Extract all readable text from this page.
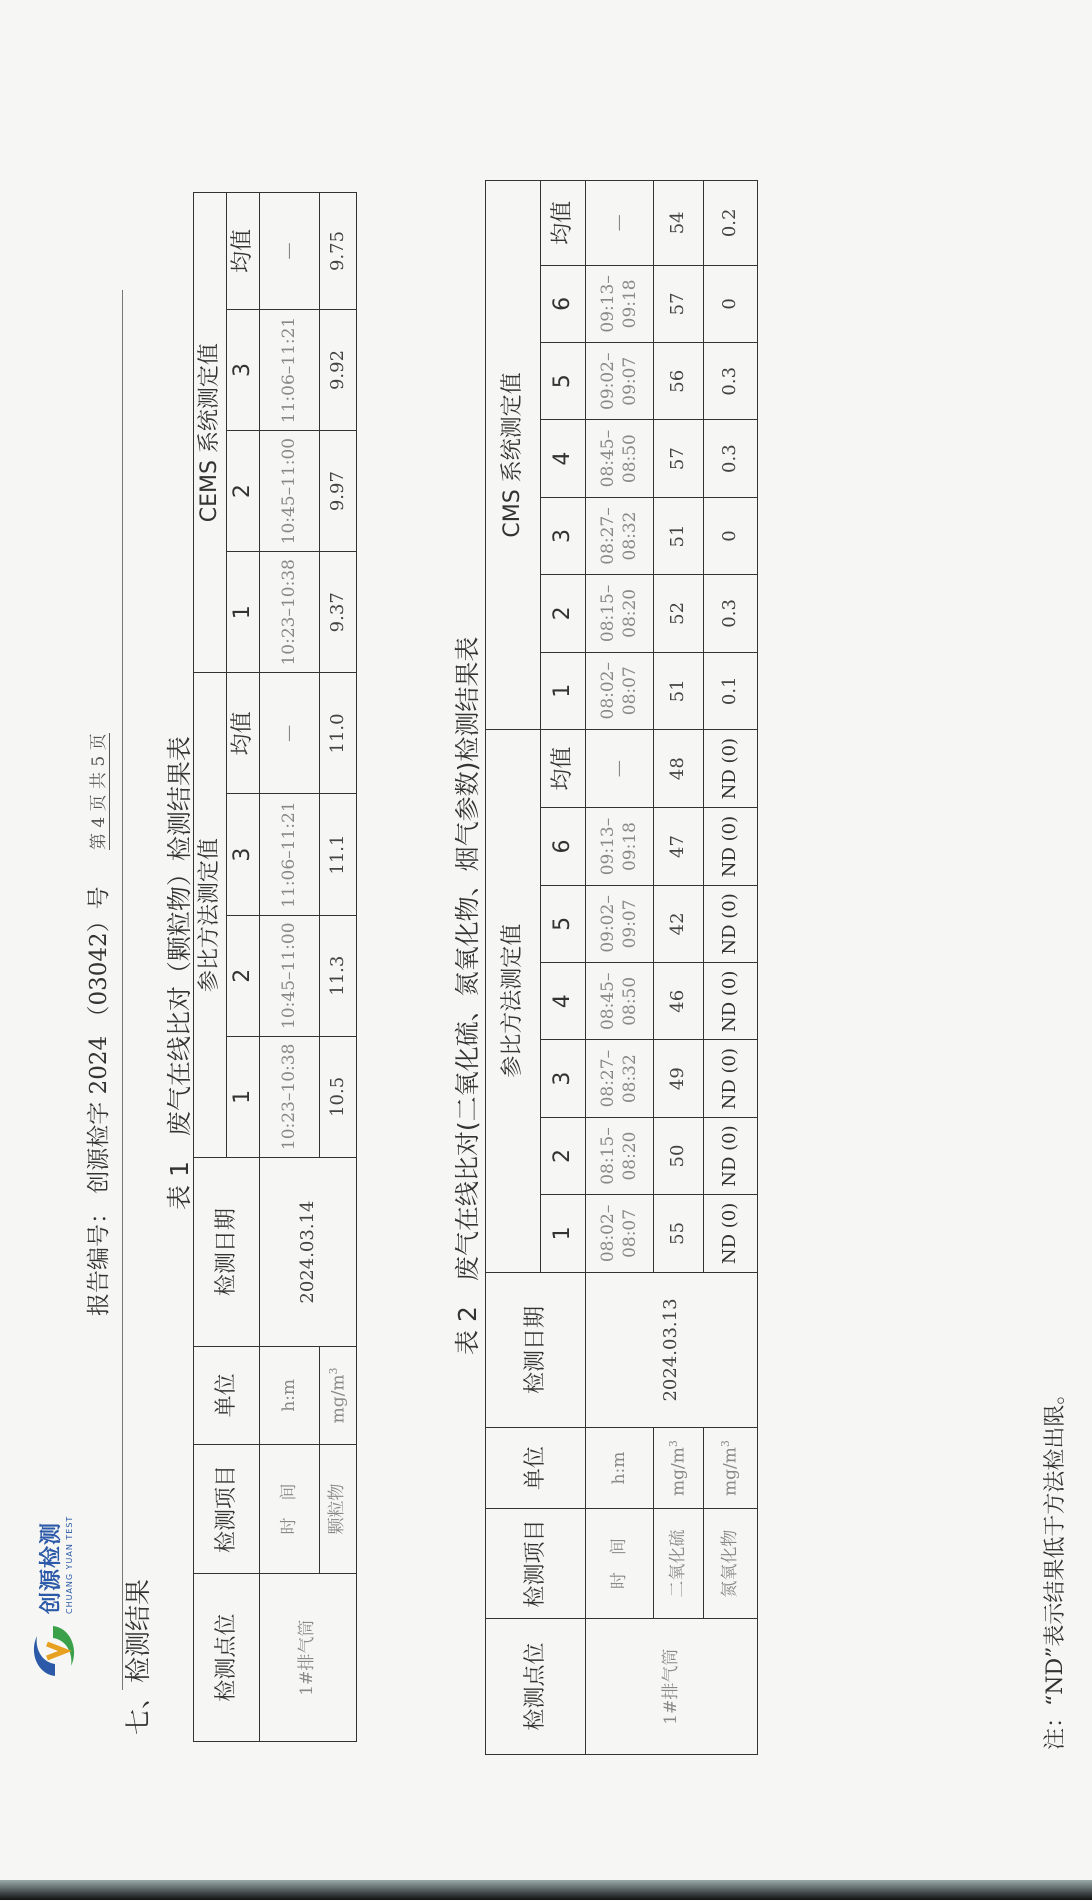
创源检测 CHUANG YUAN TEST
报告编号： 创源检字 2024 （03042）号
第 4 页 共 5 页
七、检测结果
表 1　废气在线比对（颗粒物）检测结果表
检测点位	检测项目	单位	检测日期	参比方法测定值				CEMS 系统测定值			
				1	2	3	均值	1	2	3	均值
1#排气筒	时　间	h:m	2024.03.14	10:23–10:38	10:45–11:00	11:06–11:21	—	10:23–10:38	10:45–11:00	11:06–11:21	—
	颗粒物	$mg/m^3$		10.5	11.3	11.1	11.0	9.37	9.97	9.92	9.75
表 2　废气在线比对(二氧化硫、氮氧化物、烟气参数)检测结果表
检测点位	检测项目	单位	检测日期	参比方法测定值							CMS 系统测定值						
				1	2	3	4	5	6	均值	1	2	3	4	5	6	均值
1#排气筒	时　间	h:m	2024.03.13	08:02–08:07	08:15–08:20	08:27–08:32	08:45–08:50	09:02–09:07	09:13–09:18	—	08:02–08:07	08:15–08:20	08:27–08:32	08:45–08:50	09:02–09:07	09:13–09:18	—
	二氧化硫	$mg/m^3$		55	50	49	46	42	47	48	51	52	51	57	56	57	54
	氮氧化物	$mg/m^3$		ND (0)	ND (0)	ND (0)	ND (0)	ND (0)	ND (0)	ND (0)	0.1	0.3	0	0.3	0.3	0	0.2
注：“ND”表示结果低于方法检出限。
